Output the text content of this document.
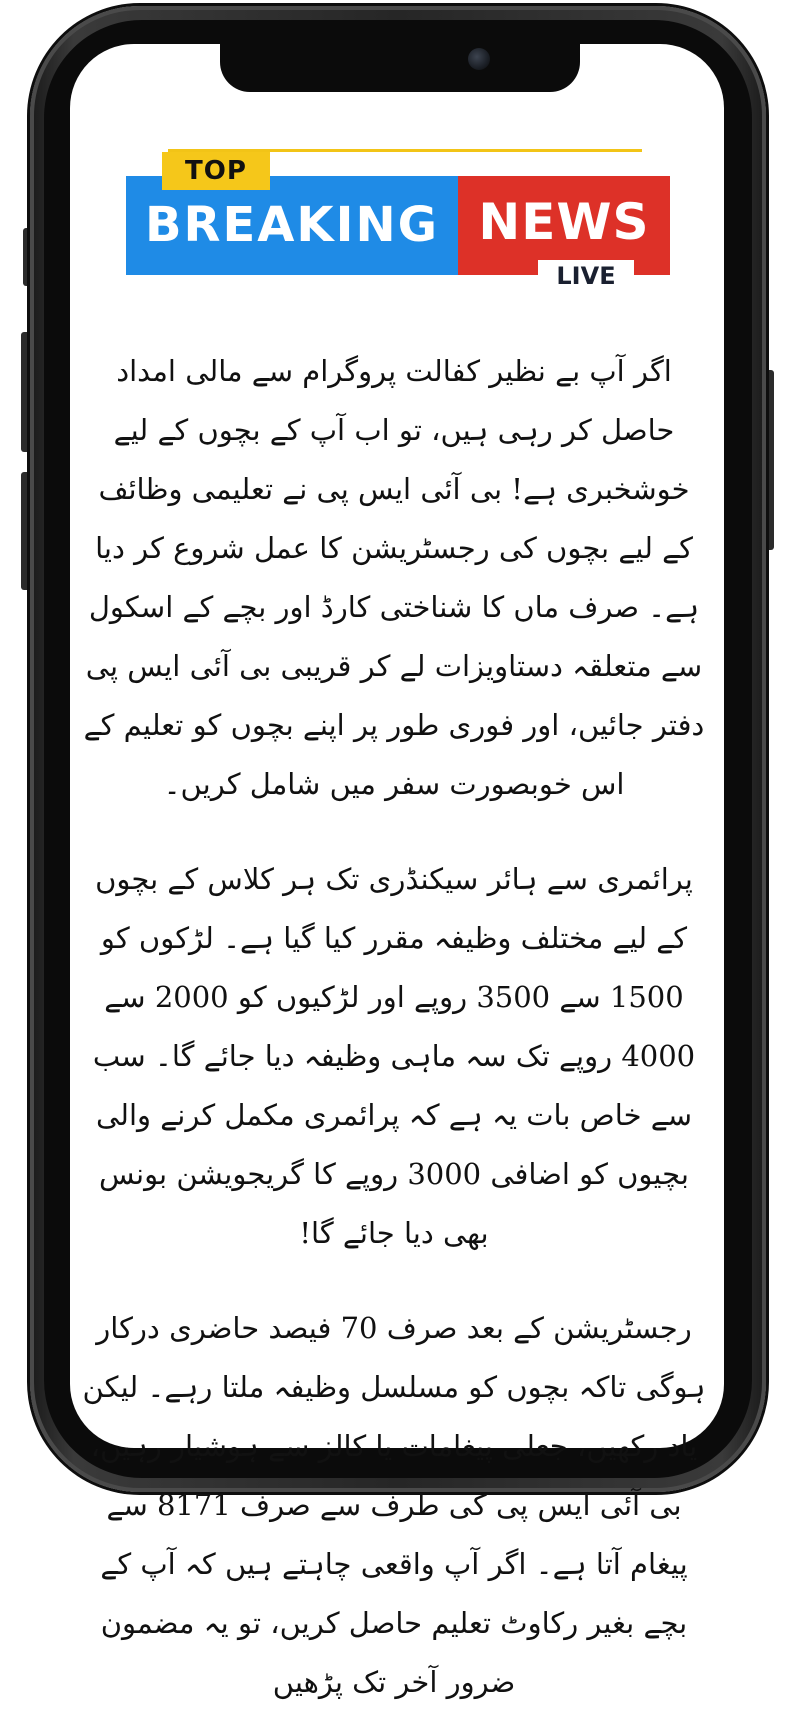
BREAKING NEWS
TOP
LIVE

اگر آپ بے نظیر کفالت پروگرام سے مالی امداد حاصل کر رہی ہیں، تو اب آپ کے بچوں کے لیے خوشخبری ہے! بی آئی ایس پی نے تعلیمی وظائف کے لیے بچوں کی رجسٹریشن کا عمل شروع کر دیا ہے۔ صرف ماں کا شناختی کارڈ اور بچے کے اسکول سے متعلقہ دستاویزات لے کر قریبی بی آئی ایس پی دفتر جائیں، اور فوری طور پر اپنے بچوں کو تعلیم کے اس خوبصورت سفر میں شامل کریں۔

پرائمری سے ہائر سیکنڈری تک ہر کلاس کے بچوں کے لیے مختلف وظیفہ مقرر کیا گیا ہے۔ لڑکوں کو 1500 سے 3500 روپے اور لڑکیوں کو 2000 سے 4000 روپے تک سہ ماہی وظیفہ دیا جائے گا۔ سب سے خاص بات یہ ہے کہ پرائمری مکمل کرنے والی بچیوں کو اضافی 3000 روپے کا گریجویشن بونس بھی دیا جائے گا!

رجسٹریشن کے بعد صرف 70 فیصد حاضری درکار ہوگی تاکہ بچوں کو مسلسل وظیفہ ملتا رہے۔ لیکن یاد رکھیں، جعلی پیغامات یا کالز سے ہوشیار رہیں، بی آئی ایس پی کی طرف سے صرف 8171 سے پیغام آتا ہے۔ اگر آپ واقعی چاہتے ہیں کہ آپ کے بچے بغیر رکاوٹ تعلیم حاصل کریں، تو یہ مضمون ضرور آخر تک پڑھیں
